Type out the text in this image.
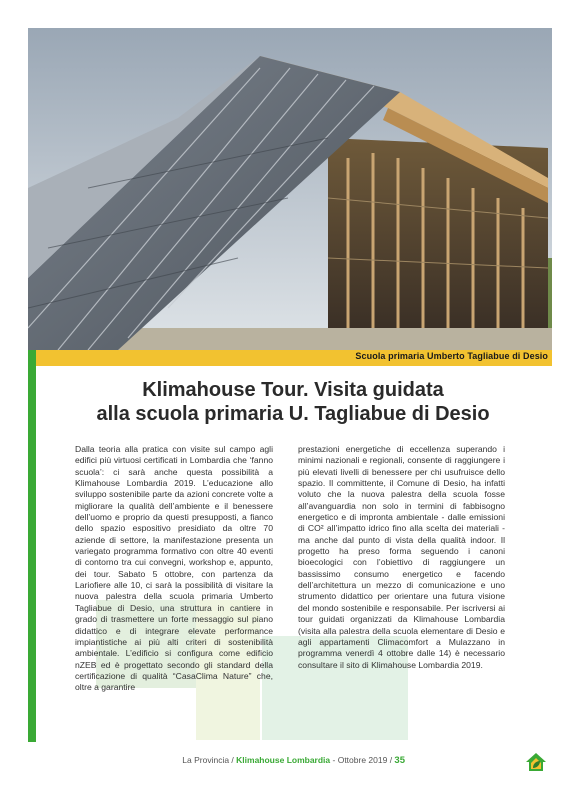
Scuola primaria Umberto Tagliabue di Desio
Klimahouse Tour. Visita guidata
alla scuola primaria U. Tagliabue di Desio
Dalla teoria alla pratica con visite sul campo agli edifici più virtuosi certificati in Lombardia che ‘fanno scuola’: ci sarà anche questa possibilità a Klimahouse Lombardia 2019. L’educazione allo sviluppo sostenibile parte da azioni concrete volte a migliorare la qualità dell’ambiente e il benessere dell’uomo e proprio da questi presupposti, a fianco dello spazio espositivo presidiato da oltre 70 aziende di settore, la manifestazione presenta un variegato programma formativo con oltre 40 eventi di contorno tra cui convegni, workshop e, appunto, dei tour. Sabato 5 ottobre, con partenza da Lariofiere alle 10, ci sarà la possibilità di visitare la nuova palestra della scuola primaria Umberto Tagliabue di Desio, una struttura in cantiere in grado di trasmettere un forte messaggio sul piano didattico e di integrare elevate performance impiantistiche ai più alti criteri di sostenibilità ambientale. L’edificio si configura come edificio nZEB ed è progettato secondo gli standard della certificazione di qualità “CasaClima Nature” che, oltre a garantire
prestazioni energetiche di eccellenza superando i minimi nazionali e regionali, consente di raggiungere i più elevati livelli di benessere per chi usufruisce dello spazio. Il committente, il Comune di Desio, ha infatti voluto che la nuova palestra della scuola fosse all’avanguardia non solo in termini di fabbisogno energetico e di impronta ambientale - dalle emissioni di CO² all’impatto idrico fino alla scelta dei materiali - ma anche dal punto di vista della qualità indoor. Il progetto ha preso forma seguendo i canoni bioecologici con l’obiettivo di raggiungere un bassissimo consumo energetico e facendo dell’architettura un mezzo di comunicazione e uno strumento didattico per orientare una futura visione del mondo sostenibile e responsabile. Per iscriversi ai tour guidati organizzati da Klimahouse Lombardia (visita alla palestra della scuola elementare di Desio e agli appartamenti Climacomfort a Mulazzano in programma venerdì 4 ottobre dalle 14) è necessario consultare il sito di Klimahouse Lombardia 2019.
La Provincia / Klimahouse Lombardia - Ottobre 2019 / 35
